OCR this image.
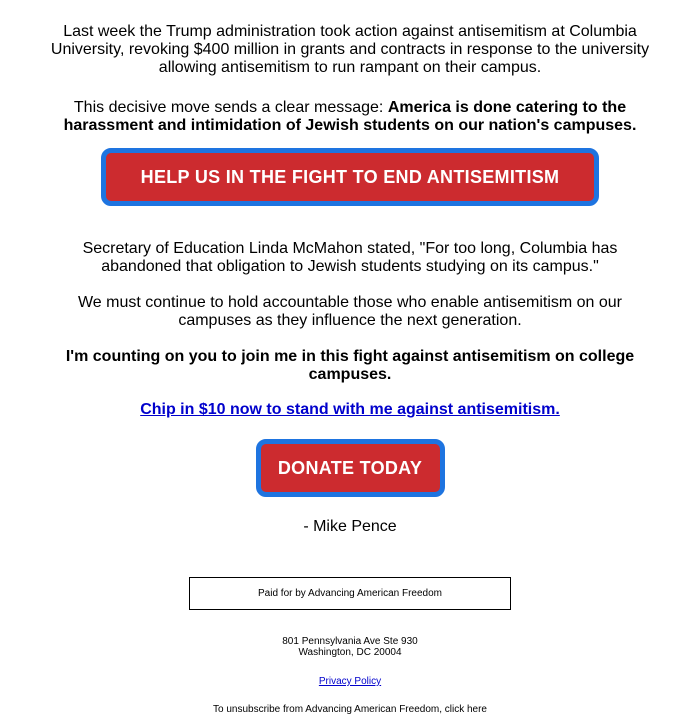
Last week the Trump administration took action against antisemitism at Columbia University, revoking $400 million in grants and contracts in response to the university allowing antisemitism to run rampant on their campus.

This decisive move sends a clear message: America is done catering to the harassment and intimidation of Jewish students on our nation's campuses.

HELP US IN THE FIGHT TO END ANTISEMITISM

Secretary of Education Linda McMahon stated, "For too long, Columbia has abandoned that obligation to Jewish students studying on its campus."

We must continue to hold accountable those who enable antisemitism on our campuses as they influence the next generation.

I'm counting on you to join me in this fight against antisemitism on college campuses.

Chip in $10 now to stand with me against antisemitism.
DONATE TODAY
- Mike Pence
Paid for by Advancing American Freedom
801 Pennsylvania Ave Ste 930
Washington, DC 20004
Privacy Policy
To unsubscribe from Advancing American Freedom, click here
